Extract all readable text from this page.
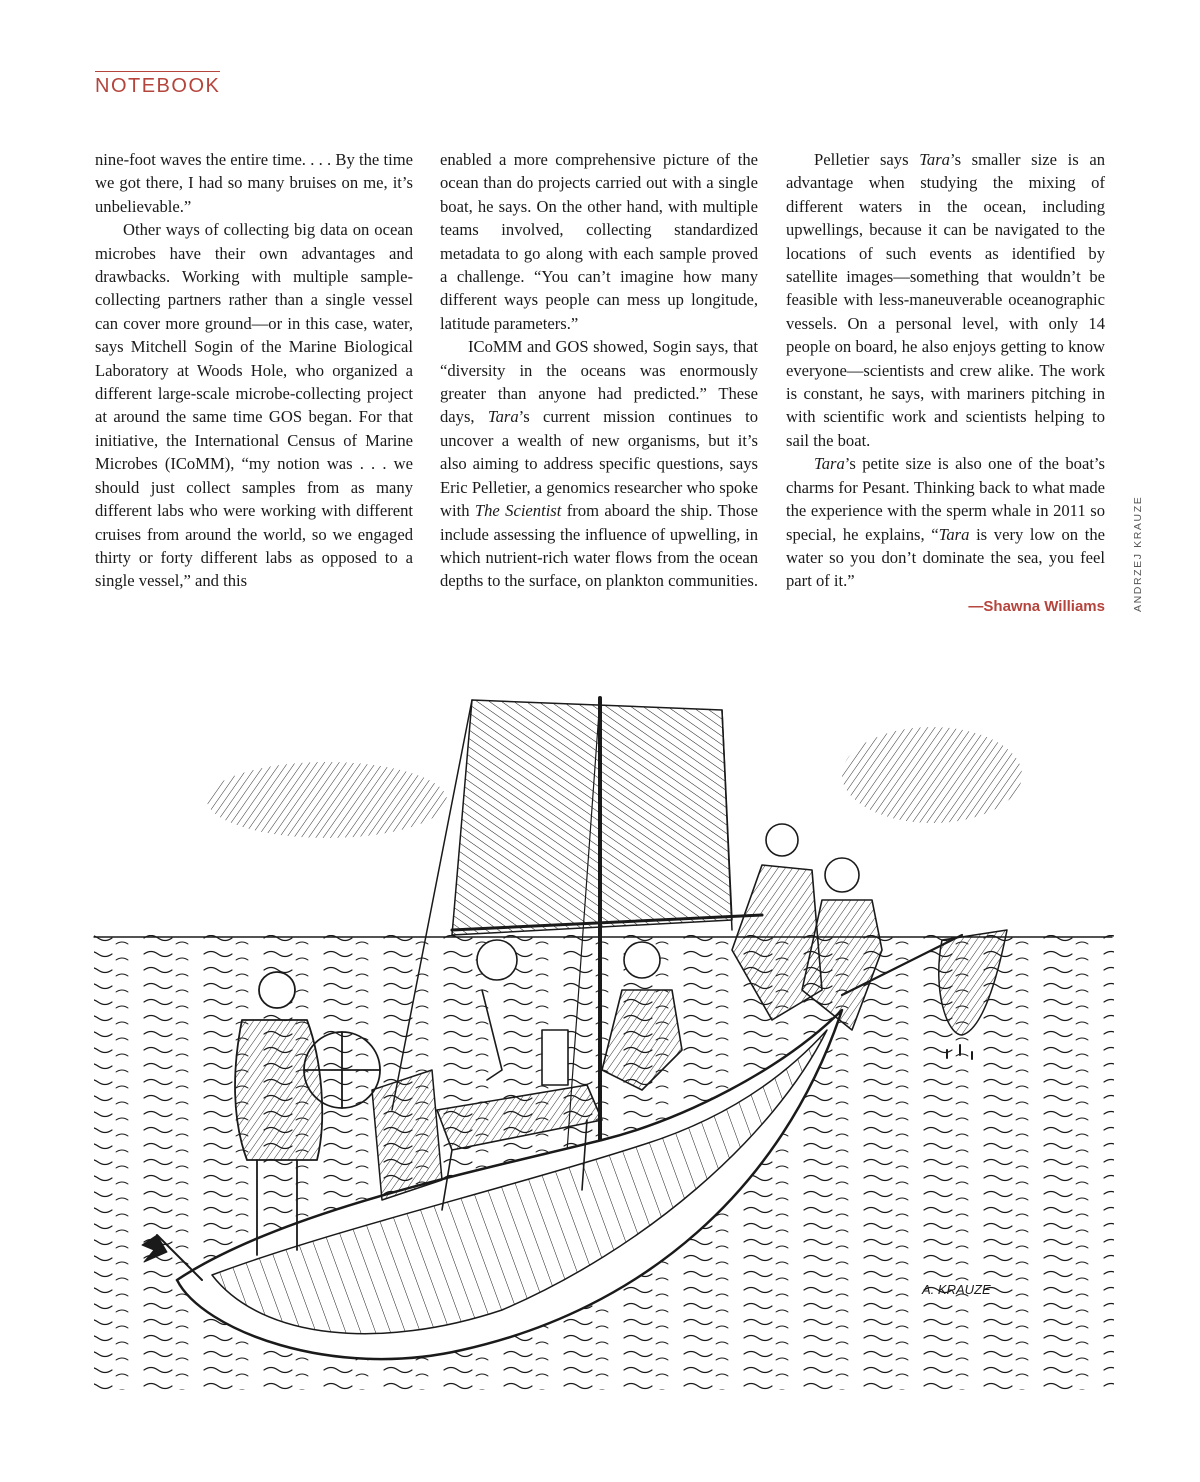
NOTEBOOK

nine-foot waves the entire time. . . . By the time we got there, I had so many bruises on me, it’s unbelievable.”

Other ways of collecting big data on ocean microbes have their own advantages and drawbacks. Working with multiple sample-collecting partners rather than a single vessel can cover more ground—or in this case, water, says Mitchell Sogin of the Marine Biological Laboratory at Woods Hole, who organized a different large-scale microbe-collecting project at around the same time GOS began. For that initiative, the International Census of Marine Microbes (ICoMM), “my notion was . . . we should just collect samples from as many different labs who were working with different cruises from around the world, so we engaged thirty or forty different labs as opposed to a single vessel,” and this

enabled a more comprehensive picture of the ocean than do projects carried out with a single boat, he says. On the other hand, with multiple teams involved, collecting standardized metadata to go along with each sample proved a challenge. “You can’t imagine how many different ways people can mess up longitude, latitude parameters.”

ICoMM and GOS showed, Sogin says, that “diversity in the oceans was enormously greater than anyone had predicted.” These days, Tara’s current mission continues to uncover a wealth of new organisms, but it’s also aiming to address specific questions, says Eric Pelletier, a genomics researcher who spoke with The Scientist from aboard the ship. Those include assessing the influence of upwelling, in which nutrient-rich water flows from the ocean depths to the surface, on plankton communities.

Pelletier says Tara’s smaller size is an advantage when studying the mixing of different waters in the ocean, including upwellings, because it can be navigated to the locations of such events as identified by satellite images—something that wouldn’t be feasible with less-maneuverable oceanographic vessels. On a personal level, with only 14 people on board, he also enjoys getting to know everyone—scientists and crew alike. The work is constant, he says, with mariners pitching in with scientific work and scientists helping to sail the boat.

Tara’s petite size is also one of the boat’s charms for Pesant. Thinking back to what made the experience with the sperm whale in 2011 so special, he explains, “Tara is very low on the water so you don’t dominate the sea, you feel part of it.”

—Shawna Williams	ANDRZEJ KRAUZE
A. KRAUZE
